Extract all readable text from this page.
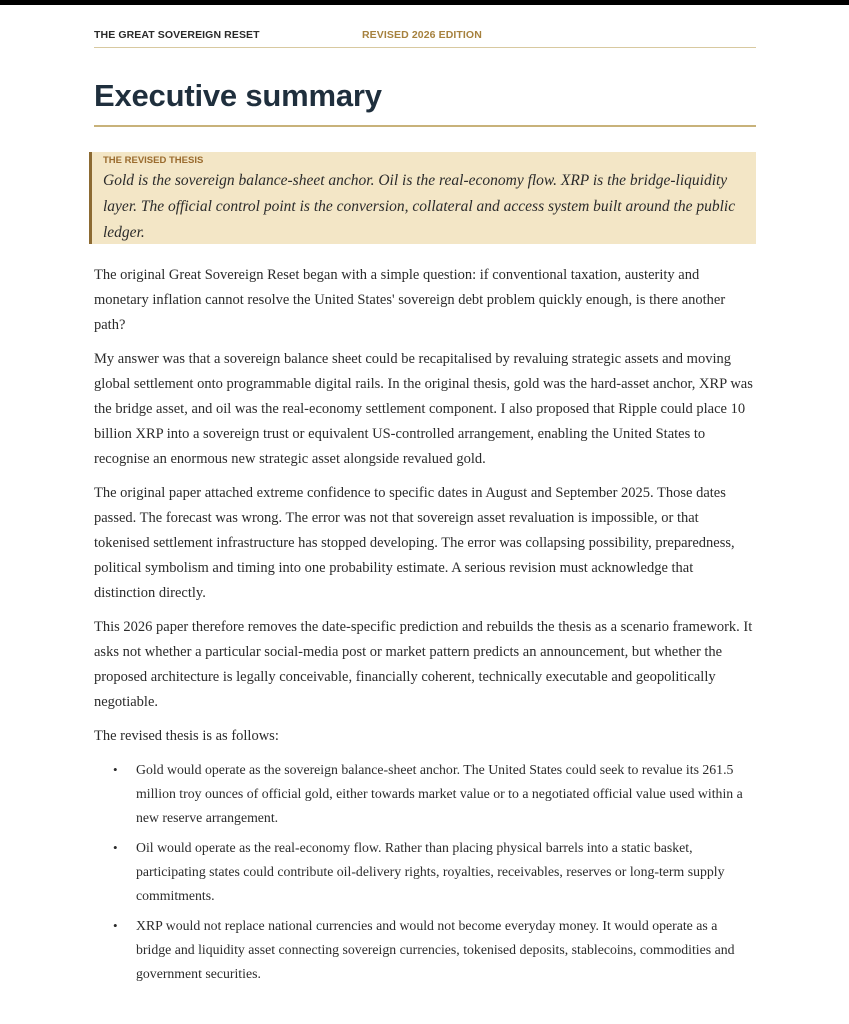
THE GREAT SOVEREIGN RESET	REVISED 2026 EDITION
Executive summary
THE REVISED THESIS
Gold is the sovereign balance-sheet anchor. Oil is the real-economy flow. XRP is the bridge-liquidity layer. The official control point is the conversion, collateral and access system built around the public ledger.

The original Great Sovereign Reset began with a simple question: if conventional taxation, austerity and monetary inflation cannot resolve the United States' sovereign debt problem quickly enough, is there another path?

My answer was that a sovereign balance sheet could be recapitalised by revaluing strategic assets and moving global settlement onto programmable digital rails. In the original thesis, gold was the hard-asset anchor, XRP was the bridge asset, and oil was the real-economy settlement component. I also proposed that Ripple could place 10 billion XRP into a sovereign trust or equivalent US-controlled arrangement, enabling the United States to recognise an enormous new strategic asset alongside revalued gold.

The original paper attached extreme confidence to specific dates in August and September 2025. Those dates passed. The forecast was wrong. The error was not that sovereign asset revaluation is impossible, or that tokenised settlement infrastructure has stopped developing. The error was collapsing possibility, preparedness, political symbolism and timing into one probability estimate. A serious revision must acknowledge that distinction directly.

This 2026 paper therefore removes the date-specific prediction and rebuilds the thesis as a scenario framework. It asks not whether a particular social-media post or market pattern predicts an announcement, but whether the proposed architecture is legally conceivable, financially coherent, technically executable and geopolitically negotiable.

The revised thesis is as follows:

• Gold would operate as the sovereign balance-sheet anchor. The United States could seek to revalue its 261.5 million troy ounces of official gold, either towards market value or to a negotiated official value used within a new reserve arrangement.
• Oil would operate as the real-economy flow. Rather than placing physical barrels into a static basket, participating states could contribute oil-delivery rights, royalties, receivables, reserves or long-term supply commitments.
• XRP would not replace national currencies and would not become everyday money. It would operate as a bridge and liquidity asset connecting sovereign currencies, tokenised deposits, stablecoins, commodities and government securities.
